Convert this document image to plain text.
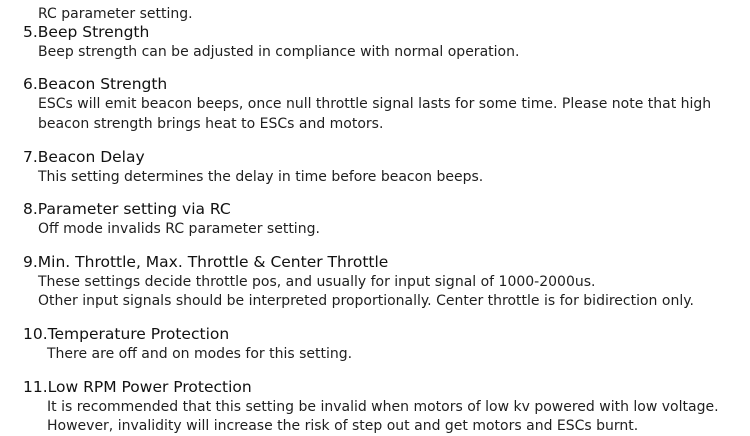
RC parameter setting.
5.Beep Strength
Beep strength can be adjusted in compliance with normal operation.
6.Beacon Strength
ESCs will emit beacon beeps, once null throttle signal lasts for some time. Please note that high
beacon strength brings heat to ESCs and motors.
7.Beacon Delay
This setting determines the delay in time before beacon beeps.
8.Parameter setting via RC
Off mode invalids RC parameter setting.
9.Min. Throttle, Max. Throttle & Center Throttle
These settings decide throttle pos, and usually for input signal of 1000-2000us.
Other input signals should be interpreted proportionally. Center throttle is for bidirection only.
10.Temperature Protection
There are off and on modes for this setting.
11.Low RPM Power Protection
It is recommended that this setting be invalid when motors of low kv powered with low voltage.
However, invalidity will increase the risk of step out and get motors and ESCs burnt.
